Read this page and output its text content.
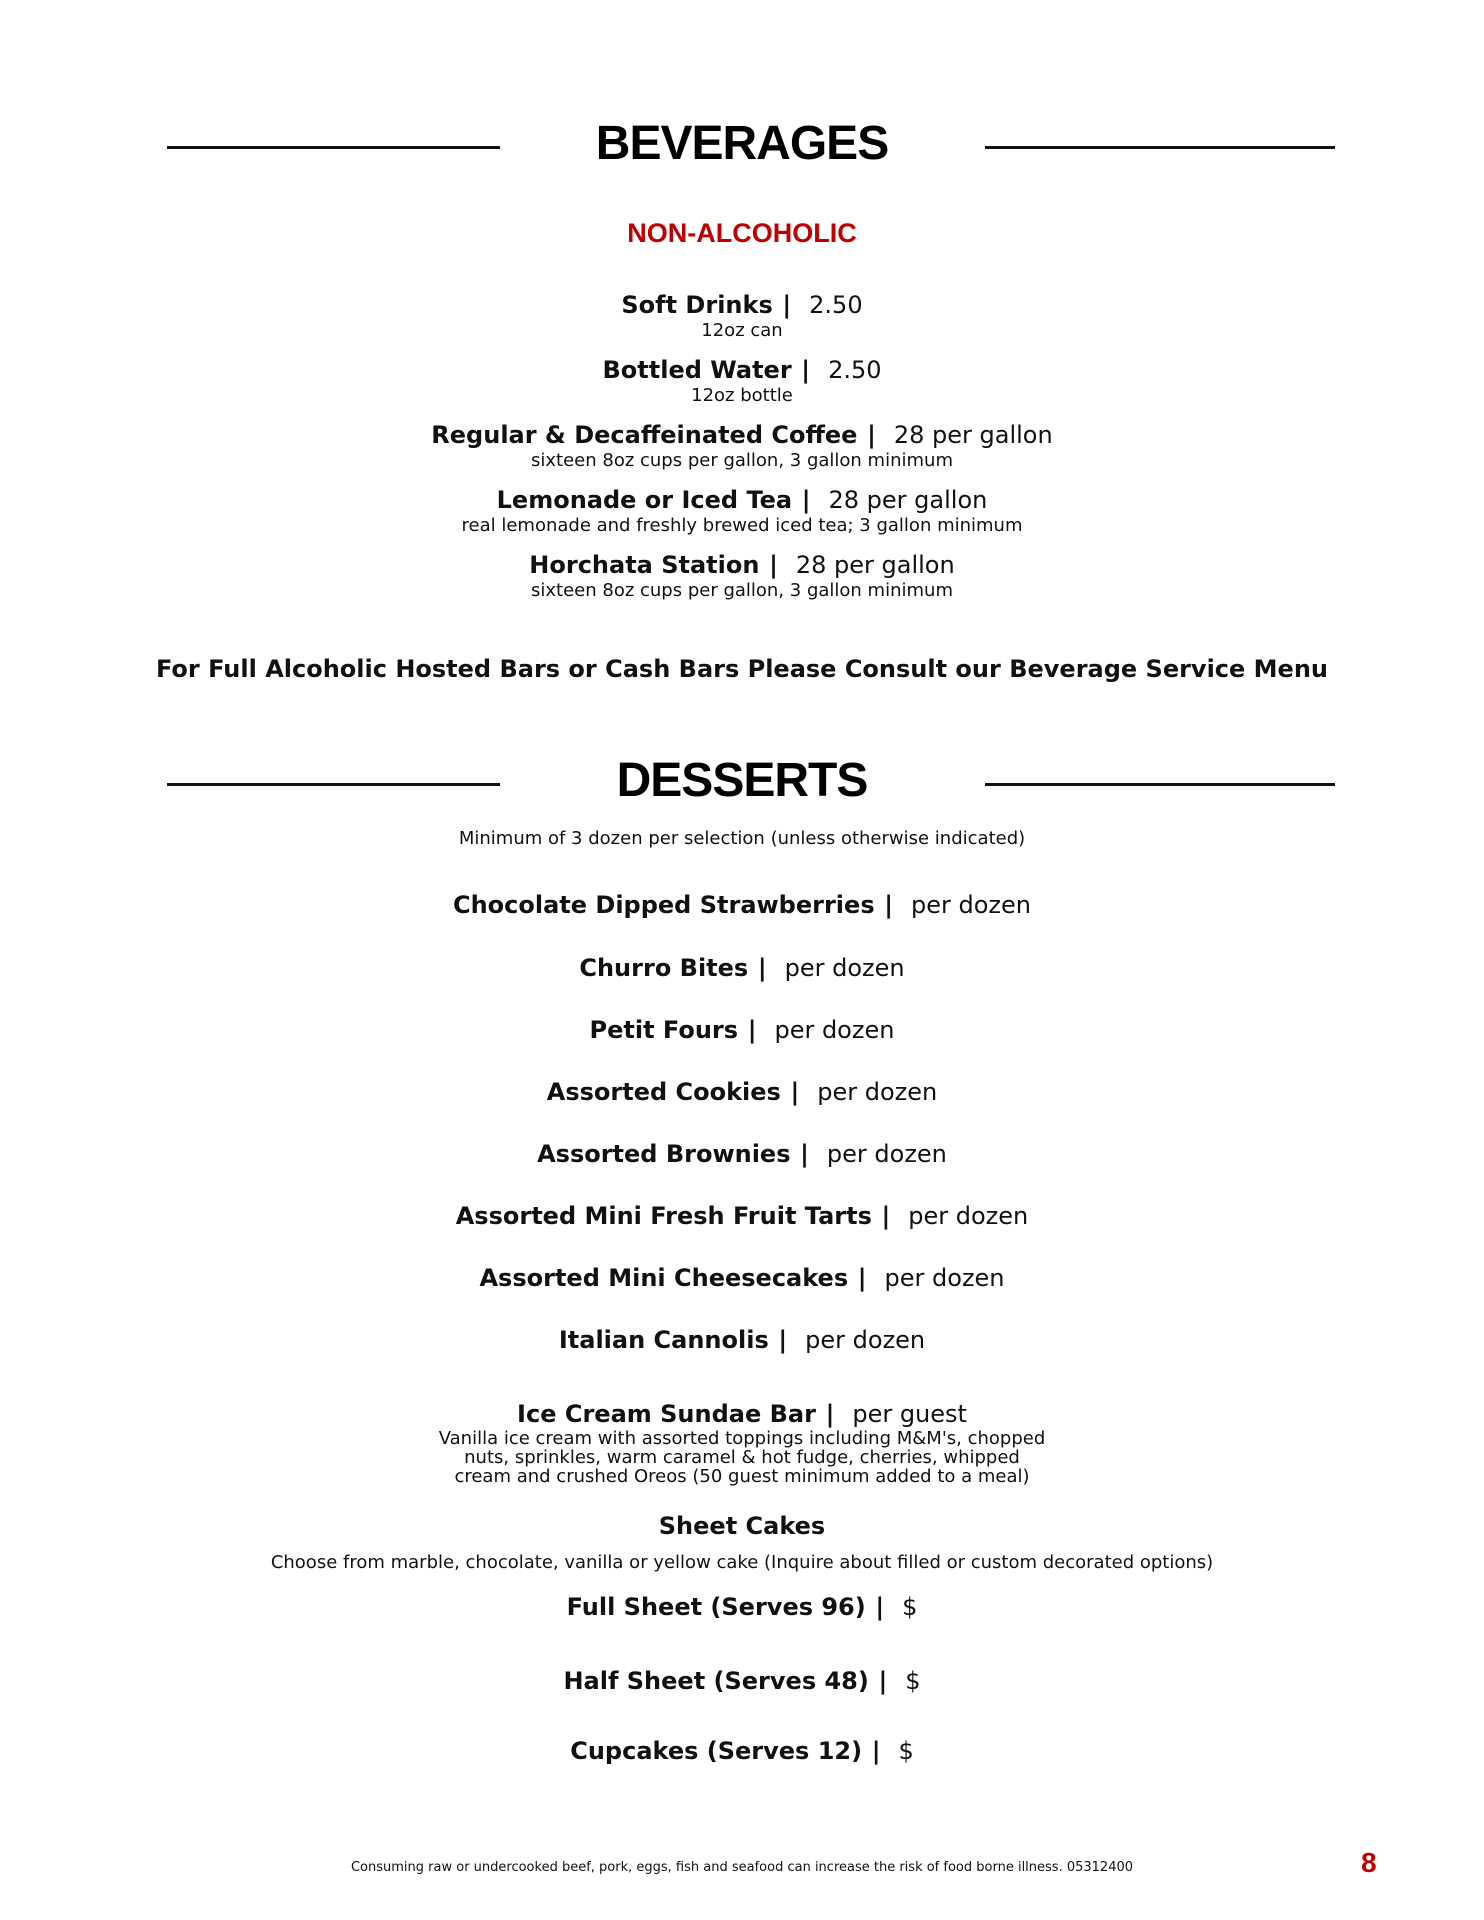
BEVERAGES
NON-ALCOHOLIC
Soft Drinks | 2.50
12oz can
Bottled Water | 2.50
12oz bottle
Regular & Decaffeinated Coffee | 28 per gallon
sixteen 8oz cups per gallon, 3 gallon minimum
Lemonade or Iced Tea | 28 per gallon
real lemonade and freshly brewed iced tea; 3 gallon minimum
Horchata Station | 28 per gallon
sixteen 8oz cups per gallon, 3 gallon minimum
For Full Alcoholic Hosted Bars or Cash Bars Please Consult our Beverage Service Menu
DESSERTS
Minimum of 3 dozen per selection (unless otherwise indicated)
Chocolate Dipped Strawberries | per dozen
Churro Bites | per dozen
Petit Fours | per dozen
Assorted Cookies | per dozen
Assorted Brownies | per dozen
Assorted Mini Fresh Fruit Tarts | per dozen
Assorted Mini Cheesecakes | per dozen
Italian Cannolis | per dozen
Ice Cream Sundae Bar | per guest
Vanilla ice cream with assorted toppings including M&M's, chopped
nuts, sprinkles, warm caramel & hot fudge, cherries, whipped
cream and crushed Oreos (50 guest minimum added to a meal)
Sheet Cakes
Choose from marble, chocolate, vanilla or yellow cake (Inquire about filled or custom decorated options)
Full Sheet (Serves 96) | $
Half Sheet (Serves 48) | $
Cupcakes (Serves 12) | $
Consuming raw or undercooked beef, pork, eggs, fish and seafood can increase the risk of food borne illness. 05312400	8
